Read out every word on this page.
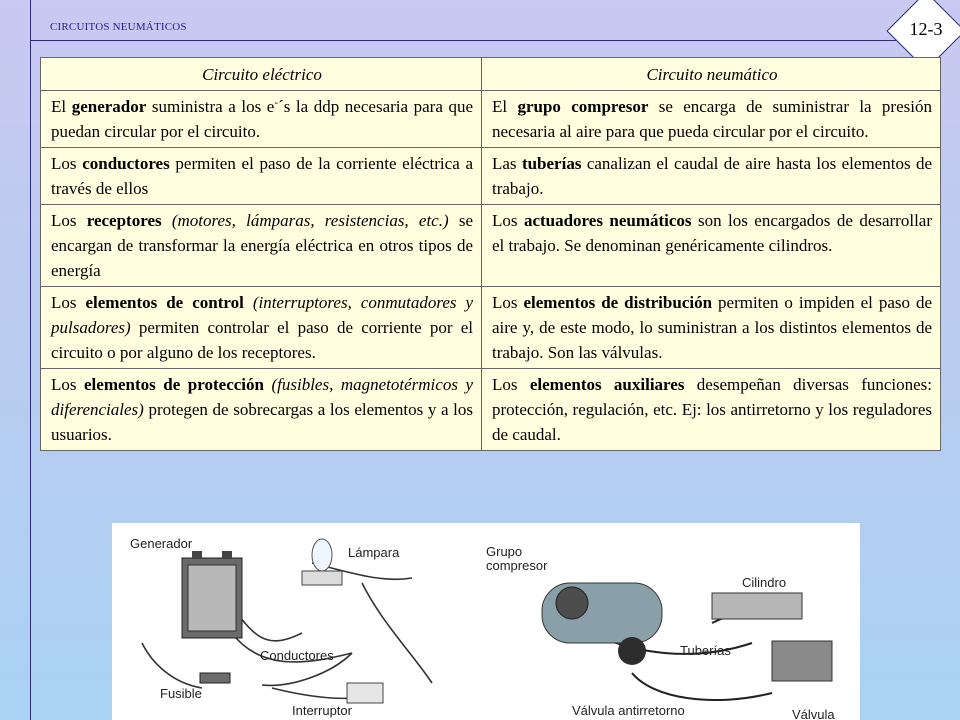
CIRCUITOS NEUMÁTICOS	12-3
Circuito eléctrico	Circuito neumático
El generador suministra a los e-´s la ddp necesaria para que puedan circular por el circuito.	El grupo compresor se encarga de suministrar la presión necesaria al aire para que pueda circular por el circuito.
Los conductores permiten el paso de la corriente eléctrica a través de ellos	Las tuberías canalizan el caudal de aire hasta los elementos de trabajo.
Los receptores (motores, lámparas, resistencias, etc.) se encargan de transformar la energía eléctrica en otros tipos de energía	Los actuadores neumáticos son los encargados de desarrollar el trabajo. Se denominan genéricamente cilindros.
Los elementos de control (interruptores, conmutadores y pulsadores) permiten controlar el paso de corriente por el circuito o por alguno de los receptores.	Los elementos de distribución permiten o impiden el paso de aire y, de este modo, lo suministran a los distintos elementos de trabajo. Son las válvulas.
Los elementos de protección (fusibles, magnetotérmicos y diferenciales) protegen de sobrecargas a los elementos y a los usuarios.	Los elementos auxiliares desempeñan diversas funciones: protección, regulación, etc. Ej: los antirretorno y los reguladores de caudal.
Generador
Lámpara
Conductores
Fusible
Interruptor
Grupo
compresor
Cilindro
Tuberías
Válvula antirretorno	Válvula
